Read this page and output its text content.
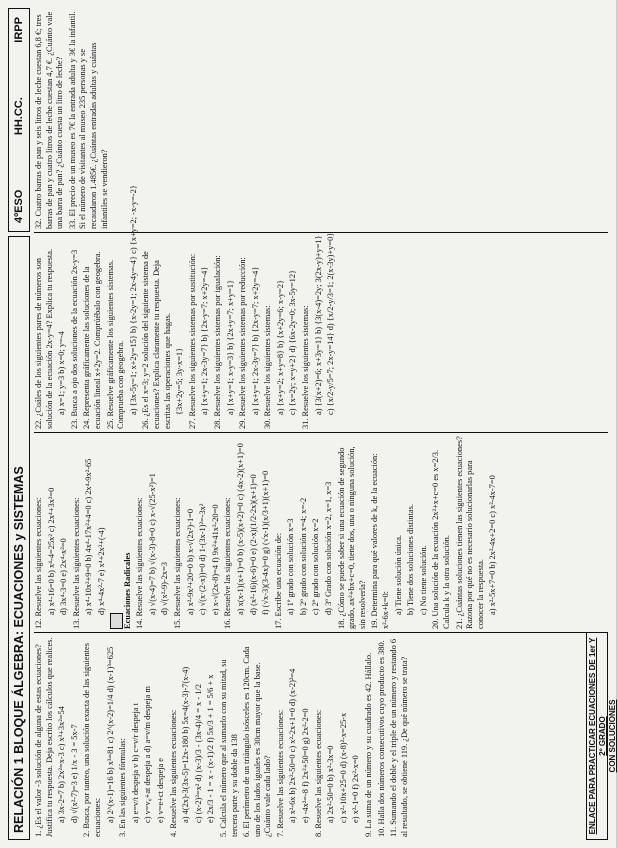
RELACIÓN 1 BLOQUE ÁLGEBRA: ECUACIONES y SISTEMAS
4ºESO
HH.CC.
IRPP
1. ¿Es el valor -3 solución de alguna de estas ecuaciones? Justifica tu respuesta. Deja escrito los cálculos que realices. a) 3x-2=7 b) 2x²=x-3 c) x³+3x²=54 d) √(x²-7)=3 e) 1/x - 3 = 5x-7 2. Busca, por tanteo, una solución exacta de las siguientes ecuaciones: a) 2^(x-1)=16 b) x³=81 c) 2^(x-2)=1/4 d) (x-1)³=625 3. En las siguientes fórmulas: a) e=v/t despeja v b) c=v/r despeja t c) v=v₀+at despeja a d) a=v/m despeja m e) v=e+ct despeja e 4. Resuelve las siguientes ecuaciones: a) 4(2x)-3(3x-5)=12x-180 b) 5x=4(x-3)-7(x-4) c) (x-2)²=x² d) (x-3)/3 - (3x-4)/4 = x - 1/2 e) 2x/3 - 1 = x - (x-1)/2 f) 5x/3 + 1 = 5/6 + x 5. Calcula el número que al sumarlo con su mitad, su tercera parte y su doble da 138 6. El perímetro de un triángulo isósceles es 120cm. Cada uno de los lados iguales es 30cm mayor que la base. ¿Cuánto vale cada lado? 7. Resuelve las siguientes ecuaciones: a) x²-6x b) 2x²-50=0 c) x²-2x+1=0 d) (x-2)²=4 e) -4x²=-8 f) 2x²+50=0 g) 2x²-2=0 8. Resuelve las siguientes ecuaciones: a) 2x²-50=0 b) x²-3x=0 c) x²-10x+25=0 d) (x-8)²-x=25-x e) x²-1=0 f) 2x²-x=0 9. La suma de un número y su cuadrado es 42. Hállalo. 10. Halla dos números consecutivos cuyo producto es 380. 11. Sumando el doble y el triple de un número y restando 6 al resultado, se obtiene 119. ¿De qué número se trata?
12. Resuelve las siguientes ecuaciones: a) x⁴-16=0 b) x⁴-4=25x² c) 2x⁴+3x²=0 d) 3x⁴-3=0 e) 2x⁴-x²=0 13. Resuelve las siguientes ecuaciones: a) x⁴-10x²+9=0 b) 4x⁴-17x²+4=0 c) 2x⁴-9x²-65 d) x⁴-4x²-7 e) x⁴+2x²+(-4) Ecuaciones Radicales 14. Resuelve las siguientes ecuaciones: a) √(x-4)=7 b) √(x-3)-8=0 c) x-√(25-x²)=1 d) √(x²-9)-2x=3 15. Resuelve las siguientes ecuaciones: a) x²-9x²+20=0 b) x-√(2x²)-1=0 c) √(x·(2-x))=0 d) 1-(3x-1)²=-3x² e) x-√(2x-8)=4 f) 9x²+41x²-20=0 16. Resuelve las siguientes ecuaciones: a) x(x-1)(x+1)=0 b) (x-5)(x+2)=0 c) (4x-2)(x+1)=0 d) (x²-16)(x-6)=0 e) (2-x)(1/2-2x)(x+1)=0 f) (√x-3)(3-4x)=0 g) (√x-1)(x/3+1)(x+1)=0 17. Escribe una ecuación de: a) 1º grado con solución x=3 b) 2º grado con solución x=4; x=-2 c) 2º grado con solución x=2 d) 3º Grado con solución x=2, x=1, x=3 18. ¿Cómo se puede saber si una ecuación de segundo grado, ax²+bx+c=0, tiene dos, una o ninguna solución, sin resolverla? 19. Determina para qué valores de k, de la ecuación: x²-6x+k=0: a) Tiene solución única. b) Tiene dos soluciones distintas. c) No tiene solución. 20. Una solución de la ecuación 2x²+x+c=0 es x=2/3. Calcula k y la otra solución. 21. ¿Cuántas soluciones tienen las siguientes ecuaciones? Razona por qué no es necesario solucionarlas para conocer la respuesta. a) x²-5x+7=0 b) 2x²-4x+2=0 c) x²-4x-7=0
22. ¿Cuáles de los siguientes pares de números son solución de la ecuación 2x-y=4? Explica tu respuesta. a) x=1; y=3 b) x=0; y=-4 23. Busca a ojo dos soluciones de la ecuación 2x-y=3 24. Representa gráficamente las soluciones de la ecuación lineal x+2y=2. Comprúébalo con geogebra. 25. Resuelve gráficamente los siguientes sistemas. Comprueba con geogebra. a) {3x-5y=1; x+2y=15} b) {x-2y=1; 2x-4y=-4} c) {x+y=2; -x-y=-2} 26. ¿Es el x=3; y=2 solución del siguiente sistema de ecuaciones? Explica claramente tu respuesta. Deja escritas las operaciones que hagas. {3x+2y=5; 3y-x=1} 27. Resuelve los siguientes sistemas por sustitución: a) {x+y=1; 2x-3y=7} b) {2x-y=7; x+2y=-4} 28. Resuelve los siguientes sistemas por igualación: a) {x+y=1; x-y=3} b) {2x+y=7; x+y=1} 29. Resuelve los siguientes sistemas por reducción: a) {x+y=1; 2x-3y=7} b) {2x-y=7; x+2y=-4} 30. Resuelve los siguientes sistemas: a) {x+y=2; x+y=8} b) {x+2y=6; x-y=2} c) {x=2y; x=y+2} d) {6x-2y=0; 3x-5y=12} 31. Resuelve los siguientes sistemas: a) {3(x+2)=6; x+3y=1} b) {3(x-4)=2y; 3(2x-y)+y=1} c) {x/2-y/5=7; 2x-y=14} d) {x/2-y/3=1; 2(x-3y)+y=0}
32. Cuatro barras de pan y seis litros de leche cuestan 6,8 €; tres barras de pan y cuatro litros de leche cuestan 4,7 €. ¿Cuánto vale una barra de pan? ¿Cuánto cuesta un litro de leche? 33. El precio de un museo es 7€ la entrada adulta y 3€ la infantil. Si el número de visitantes al museo 235 personas y se recaudaron 1.485€. ¿Cuántas entradas adultas y cuántas infantiles se vendieron?
ENLACE PARA PRACTICAR ECUACIONES DE 1er Y 2º GRADO
CON SOLUCIONES
